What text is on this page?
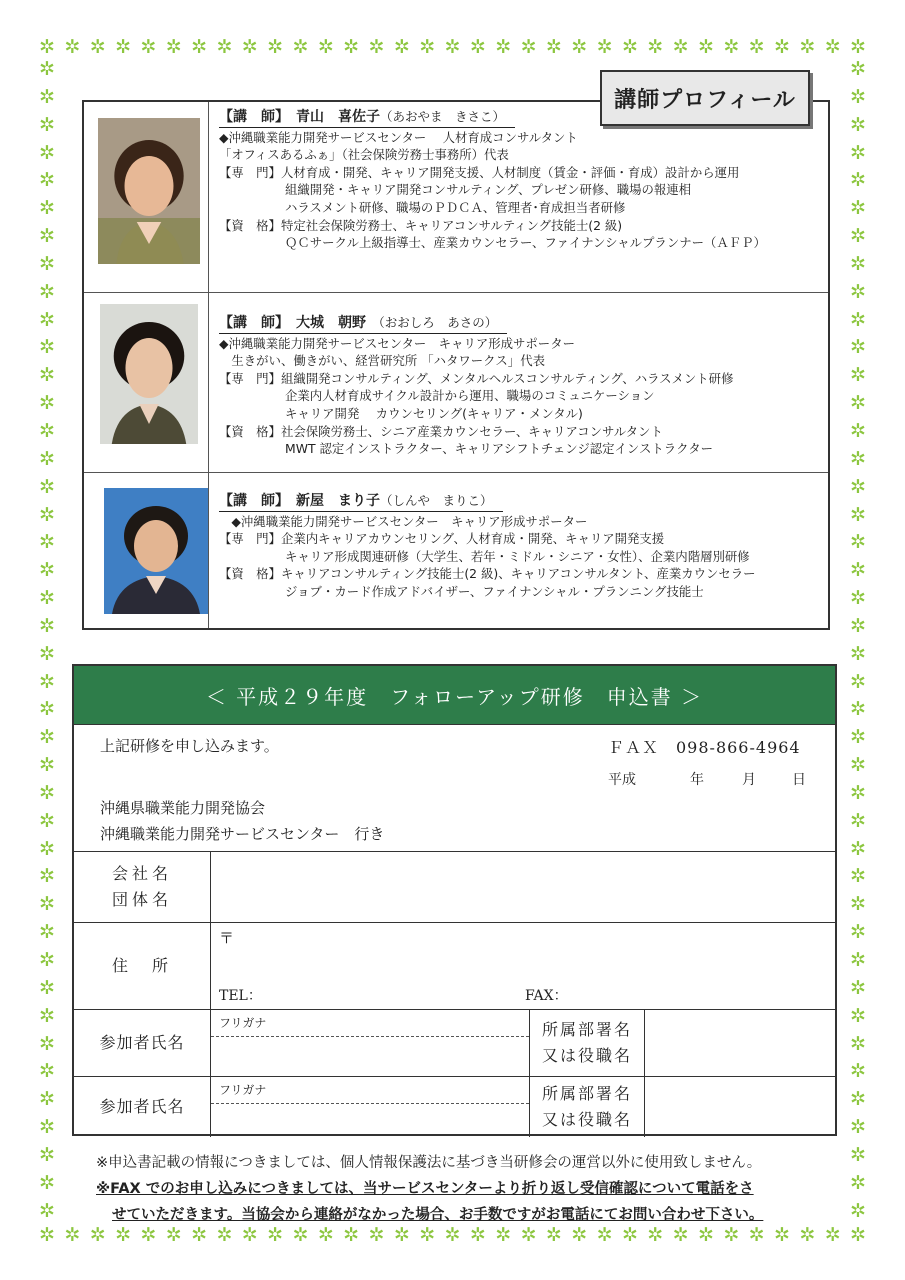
✲ ✲ ✲ ✲ ✲ ✲ ✲ ✲ ✲ ✲ ✲ ✲ ✲ ✲ ✲ ✲ ✲ ✲ ✲ ✲ ✲ ✲ ✲ ✲ ✲ ✲ ✲ ✲ ✲ ✲ ✲ ✲ ✲
✲ ✲ ✲ ✲ ✲ ✲ ✲ ✲ ✲ ✲ ✲ ✲ ✲ ✲ ✲ ✲ ✲ ✲ ✲ ✲ ✲ ✲ ✲ ✲ ✲ ✲ ✲ ✲ ✲ ✲ ✲ ✲ ✲
✲
✲
✲
✲
✲
✲
✲
✲
✲
✲
✲
✲
✲
✲
✲
✲
✲
✲
✲
✲
✲
✲
✲
✲
✲
✲
✲
✲
✲
✲
✲
✲
✲
✲
✲
✲
✲
✲
✲
✲
✲
✲
✲
✲
✲
✲
✲
✲
✲
✲
✲
✲
✲
✲
✲
✲
✲
✲
✲
✲
✲
✲
✲
✲
✲
✲
✲
✲
✲
✲
✲
✲
✲
✲
✲
✲
✲
✲
✲
✲
✲
✲
✲
✲
講師プロフィール
【講　師】　青山　喜佐子（あおやま　きさこ）
◆沖縄職業能力開発サービスセンター　 人材育成コンサルタント
「オフィスあるふぁ」（社会保険労務士事務所）代表
【専　門】人材育成・開発、キャリア開発支援、人材制度（賃金・評価・育成）設計から運用
組織開発・キャリア開発コンサルティング、プレゼン研修、職場の報連相
ハラスメント研修、職場のＰＤＣＡ、管理者･育成担当者研修
【資　格】特定社会保険労務士、キャリアコンサルティング技能士(2 級)
ＱＣサークル上級指導士、産業カウンセラー、ファイナンシャルプランナー（ＡＦＰ）
【講　師】　大城　朝野　（おおしろ　あさの）
◆沖縄職業能力開発サービスセンター　キャリア形成サポーター
　生きがい、働きがい、経営研究所 「ハタワークス」代表
【専　門】組織開発コンサルティング、メンタルヘルスコンサルティング、ハラスメント研修
企業内人材育成サイクル設計から運用、職場のコミュニケーション
キャリア開発　 カウンセリング(キャリア・メンタル)
【資　格】社会保険労務士、シニア産業カウンセラー、キャリアコンサルタント
MWT 認定インストラクター、キャリアシフトチェンジ認定インストラクター
【講　師】　新屋　まり子（しんや　まりこ）
　◆沖縄職業能力開発サービスセンター　キャリア形成サポーター
【専　門】企業内キャリアカウンセリング、人材育成・開発、キャリア開発支援
キャリア形成関連研修（大学生、若年・ミドル・シニア・女性）、企業内階層別研修
【資　格】キャリアコンサルティング技能士(2 級)、キャリアコンサルタント、産業カウンセラー
ジョブ・カード作成アドバイザー、ファイナンシャル・プランニング技能士
＜ 平成２９年度　フォローアップ研修　申込書 ＞
上記研修を申し込みます。	ＦＡＸ　098-866-4964
平成	年	月	日
沖縄県職業能力開発協会
沖縄職業能力開発サービスセンター　行き
会社名
団体名
住　所
〒
TEL：	FAX：
参加者氏名
フリガナ	所属部署名
又は役職名
参加者氏名
フリガナ	所属部署名
又は役職名
※申込書記載の情報につきましては、個人情報保護法に基づき当研修会の運営以外に使用致しません。
※FAX でのお申し込みにつきましては、当サービスセンターより折り返し受信確認について電話をさ
せていただきます。当協会から連絡がなかった場合、お手数ですがお電話にてお問い合わせ下さい。
